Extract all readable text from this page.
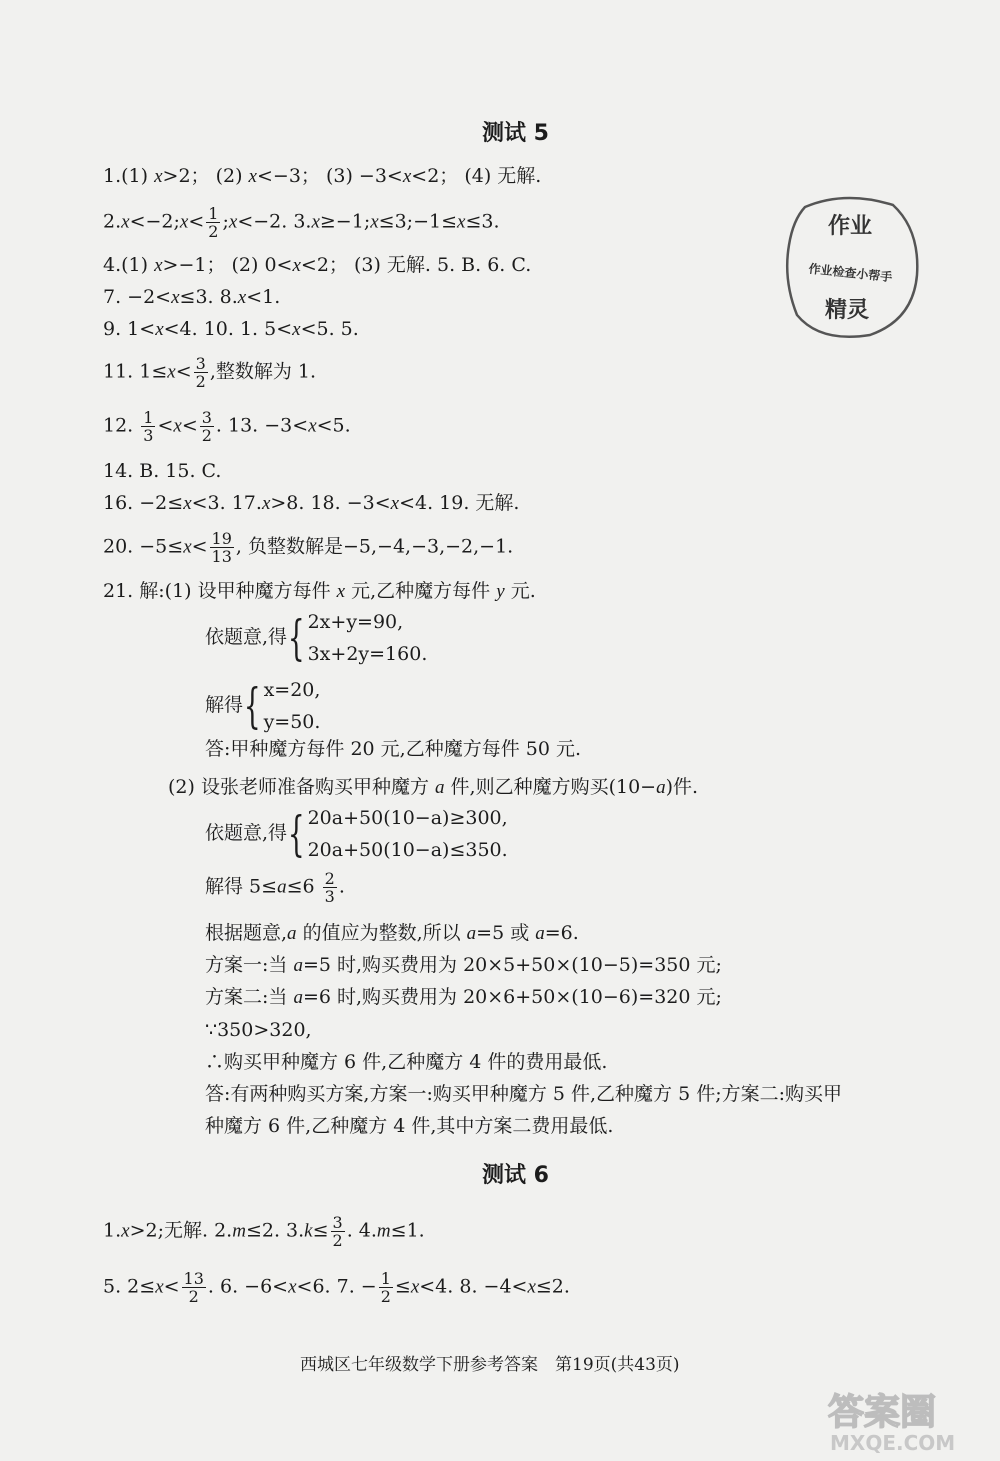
测试 5
作业
作业检查小帮手
精灵
1.(1) x>2； (2) x<−3； (3) −3<x<2； (4) 无解.
2.x<−2;x< $\frac{1}{2}$ ;x<−2. 3.x≥−1;x≤3;−1≤x≤3.
4.(1) x>−1； (2) 0<x<2； (3) 无解. 5. B. 6. C.
7. −2<x≤3. 8.x<1.
9. 1<x<4. 10. 1. 5<x<5. 5.
11. $1\le x< \frac{3}{2}$ ,整数解为 1.
12. $\frac{1}{3} <x< \frac{3}{2}$ . 13. −3<x<5.
14. B. 15. C.
16. −2≤x<3. 17.x>8. 18. −3<x<4. 19. 无解.
20. $-5\le x< \frac{19}{13}$ , 负整数解是−5,−4,−3,−2,−1.
21. 解:(1) 设甲种魔方每件 x 元,乙种魔方每件 y 元.
依题意,得{ 2x+y=90,
3x+2y=160.
解得{ x=20,
y=50.
答:甲种魔方每件 20 元,乙种魔方每件 50 元.
(2) 设张老师准备购买甲种魔方 a 件,则乙种魔方购买(10−a)件.
依题意,得{ 20a+50(10−a)≥300,
20a+50(10−a)≤350.
解得 $5\le a\le 6 \frac{2}{3}$ .
根据题意,a 的值应为整数,所以 a=5 或 a=6.
方案一:当 a=5 时,购买费用为 20×5+50×(10−5)=350 元;
方案二:当 a=6 时,购买费用为 20×6+50×(10−6)=320 元;
∵350>320,
∴购买甲种魔方 6 件,乙种魔方 4 件的费用最低.
答:有两种购买方案,方案一:购买甲种魔方 5 件,乙种魔方 5 件;方案二:购买甲
种魔方 6 件,乙种魔方 4 件,其中方案二费用最低.
测试 6
1.x>2;无解. 2.m≤2. $3.k\le \frac{3}{2}$ . 4.m≤1.
5. $2\le x< \frac{13}{2}$ . 6. −6<x<6. 7. − $\frac{1}{2} \le x<4$. 8. −4<x≤2.
西城区七年级数学下册参考答案　第19页(共43页)
答案圈
MXQE.COM
